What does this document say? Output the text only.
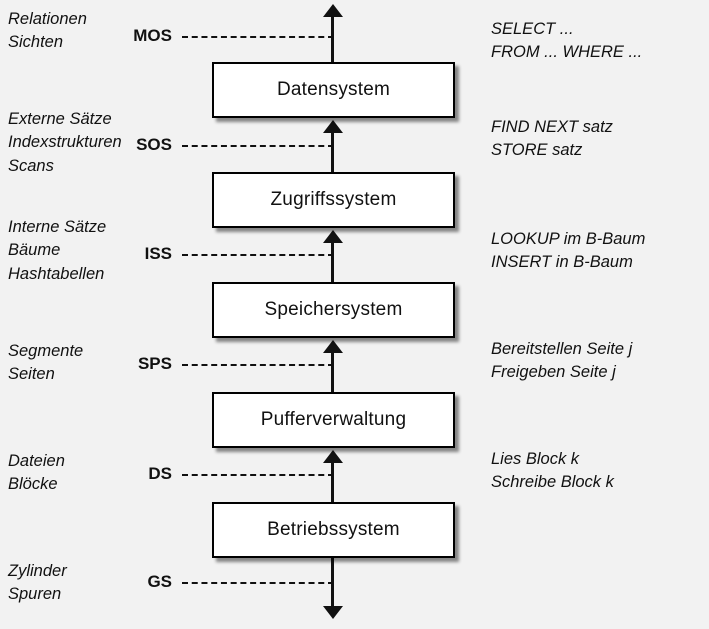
Relationen
Sichten
Externe Sätze
Indexstrukturen
Scans
Interne Sätze
Bäume
Hashtabellen
Segmente
Seiten
Dateien
Blöcke
Zylinder
Spuren
SELECT ...
FROM ... WHERE ...
FIND NEXT satz
STORE satz
LOOKUP im B-Baum
INSERT in B-Baum
Bereitstellen Seite j
Freigeben Seite j
Lies Block k
Schreibe Block k
MOS
SOS
ISS
SPS
DS
GS
Datensystem
Zugriffssystem
Speichersystem
Pufferverwaltung
Betriebssystem
